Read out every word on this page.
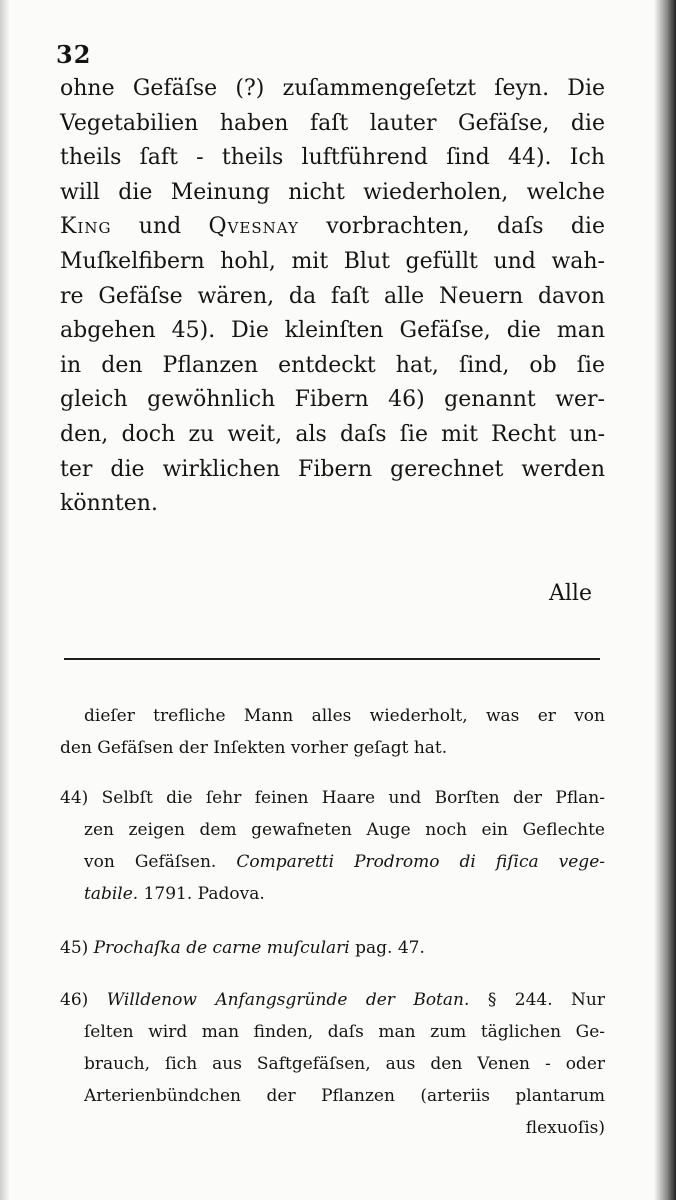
32
ohne Gefäſse (?) zuſammengeſetzt ſeyn. Die
Vegetabilien haben faſt lauter Gefäſse, die
theils ſaft - theils luftführend ſind 44). Ich
will die Meinung nicht wiederholen, welche
King und Qvesnay vorbrachten, daſs die
Muſkelfibern hohl, mit Blut gefüllt und wah-
re Gefäſse wären, da faſt alle Neuern davon
abgehen 45). Die kleinſten Gefäſse, die man
in den Pflanzen entdeckt hat, ſind, ob ſie
gleich gewöhnlich Fibern 46) genannt wer-
den, doch zu weit, als daſs ſie mit Recht un-
ter die wirklichen Fibern gerechnet werden
könnten.
Alle
dieſer trefliche Mann alles wiederholt, was er von
den Gefäſsen der Inſekten vorher geſagt hat.
44) Selbſt die ſehr feinen Haare und Borſten der Pflan-
zen zeigen dem gewafneten Auge noch ein Geflechte
von Gefäſsen. Comparetti Prodromo di fiſica vege-
tabile. 1791. Padova.
45) Prochaſka de carne muſculari pag. 47.
46) Willdenow Anfangsgründe der Botan. § 244. Nur
ſelten wird man finden, daſs man zum täglichen Ge-
brauch, ſich aus Saftgefäſsen, aus den Venen - oder
Arterienbündchen der Pflanzen (arteriis plantarum
flexuoſis)
